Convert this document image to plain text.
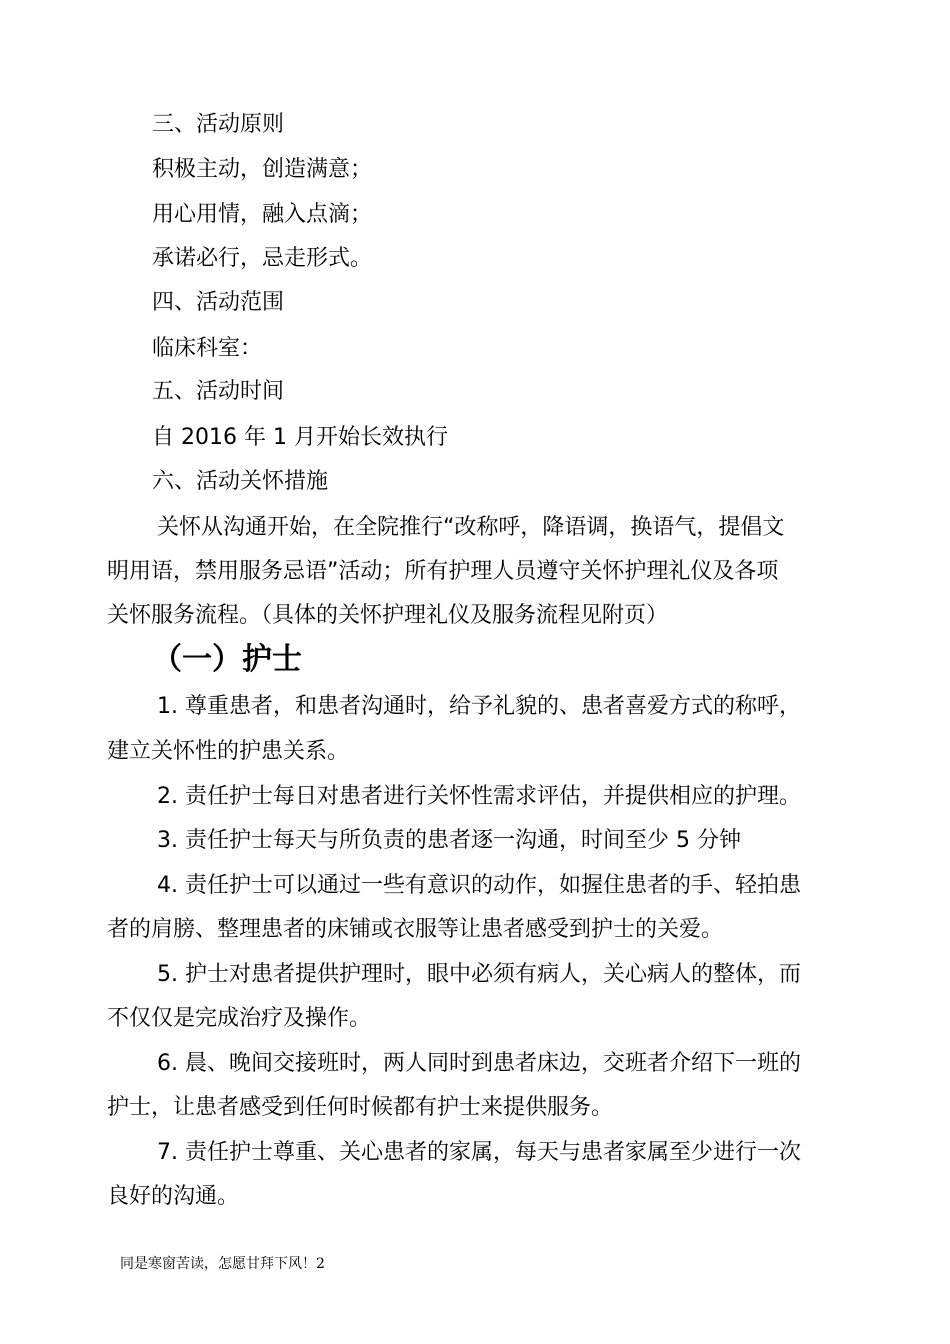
三、活动原则
积极主动，创造满意；
用心用情，融入点滴；
承诺必行，忌走形式。
四、活动范围
临床科室：
五、活动时间
自 2016 年 1 月开始长效执行
六、活动关怀措施
关怀从沟通开始，在全院推行“改称呼，降语调，换语气，提倡文
明用语，禁用服务忌语”活动；所有护理人员遵守关怀护理礼仪及各项
关怀服务流程。（具体的关怀护理礼仪及服务流程见附页）
（一）护士
1. 尊重患者，和患者沟通时，给予礼貌的、患者喜爱方式的称呼，
建立关怀性的护患关系。
2. 责任护士每日对患者进行关怀性需求评估，并提供相应的护理。
3. 责任护士每天与所负责的患者逐一沟通，时间至少 5 分钟
4. 责任护士可以通过一些有意识的动作，如握住患者的手、轻拍患
者的肩膀、整理患者的床铺或衣服等让患者感受到护士的关爱。
5. 护士对患者提供护理时，眼中必须有病人，关心病人的整体，而
不仅仅是完成治疗及操作。
6. 晨、晚间交接班时，两人同时到患者床边，交班者介绍下一班的
护士，让患者感受到任何时候都有护士来提供服务。
7. 责任护士尊重、关心患者的家属，每天与患者家属至少进行一次
良好的沟通。
同是寒窗苦读，怎愿甘拜下风！2
